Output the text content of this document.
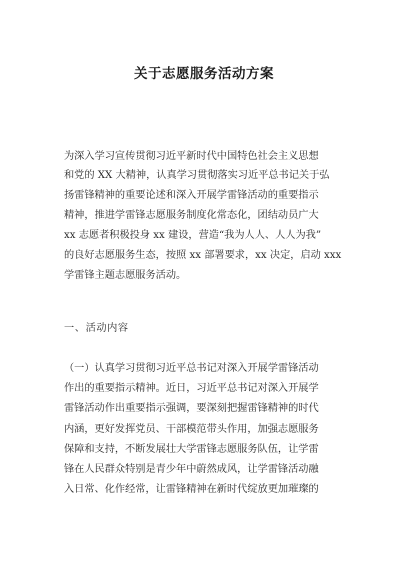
关于志愿服务活动方案
为深入学习宣传贯彻习近平新时代中国特色社会主义思想
和党的 XX 大精神，认真学习贯彻落实习近平总书记关于弘
扬雷锋精神的重要论述和深入开展学雷锋活动的重要指示
精神，推进学雷锋志愿服务制度化常态化，团结动员广大
xx 志愿者积极投身 xx 建设，营造“我为人人、人人为我”
的良好志愿服务生态，按照 xx 部署要求，xx 决定，启动 xxx
学雷锋主题志愿服务活动。
一、活动内容
（一）认真学习贯彻习近平总书记对深入开展学雷锋活动
作出的重要指示精神。近日，习近平总书记对深入开展学
雷锋活动作出重要指示强调，要深刻把握雷锋精神的时代
内涵，更好发挥党员、干部模范带头作用，加强志愿服务
保障和支持，不断发展壮大学雷锋志愿服务队伍，让学雷
锋在人民群众特别是青少年中蔚然成风，让学雷锋活动融
入日常、化作经常，让雷锋精神在新时代绽放更加璀璨的
